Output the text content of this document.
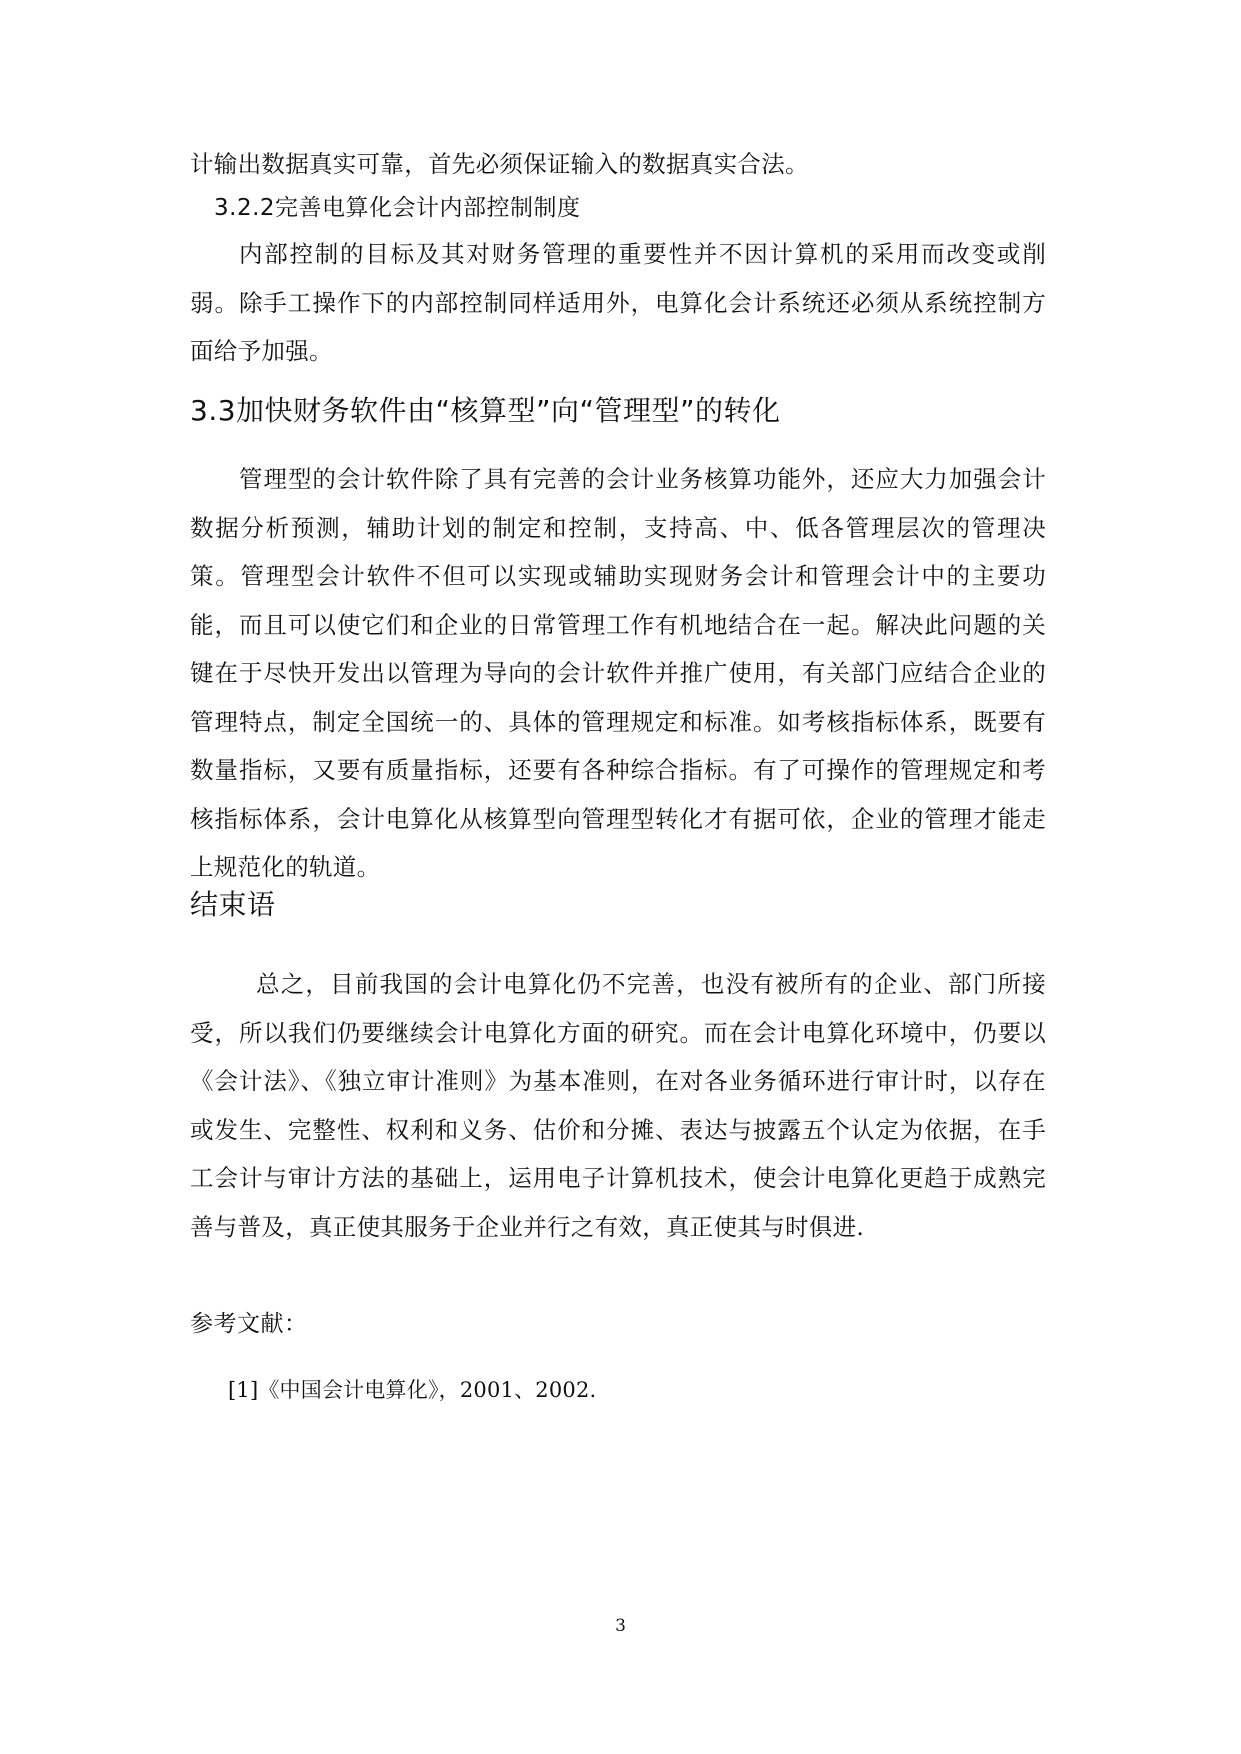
计输出数据真实可靠，首先必须保证输入的数据真实合法。

3.2.2完善电算化会计内部控制制度

内部控制的目标及其对财务管理的重要性并不因计算机的采用而改变或削弱。除手工操作下的内部控制同样适用外，电算化会计系统还必须从系统控制方面给予加强。

3.3加快财务软件由“核算型”向“管理型”的转化

管理型的会计软件除了具有完善的会计业务核算功能外，还应大力加强会计数据分析预测，辅助计划的制定和控制，支持高、中、低各管理层次的管理决策。管理型会计软件不但可以实现或辅助实现财务会计和管理会计中的主要功能，而且可以使它们和企业的日常管理工作有机地结合在一起。解决此问题的关键在于尽快开发出以管理为导向的会计软件并推广使用，有关部门应结合企业的管理特点，制定全国统一的、具体的管理规定和标准。如考核指标体系，既要有数量指标，又要有质量指标，还要有各种综合指标。有了可操作的管理规定和考核指标体系，会计电算化从核算型向管理型转化才有据可依，企业的管理才能走上规范化的轨道。

结束语

总之，目前我国的会计电算化仍不完善，也没有被所有的企业、部门所接受，所以我们仍要继续会计电算化方面的研究。而在会计电算化环境中，仍要以《会计法》、《独立审计准则》为基本准则，在对各业务循环进行审计时，以存在或发生、完整性、权利和义务、估价和分摊、表达与披露五个认定为依据，在手工会计与审计方法的基础上，运用电子计算机技术，使会计电算化更趋于成熟完善与普及，真正使其服务于企业并行之有效，真正使其与时俱进.

参考文献：
[1]《中国会计电算化》，2001、2002.
3
